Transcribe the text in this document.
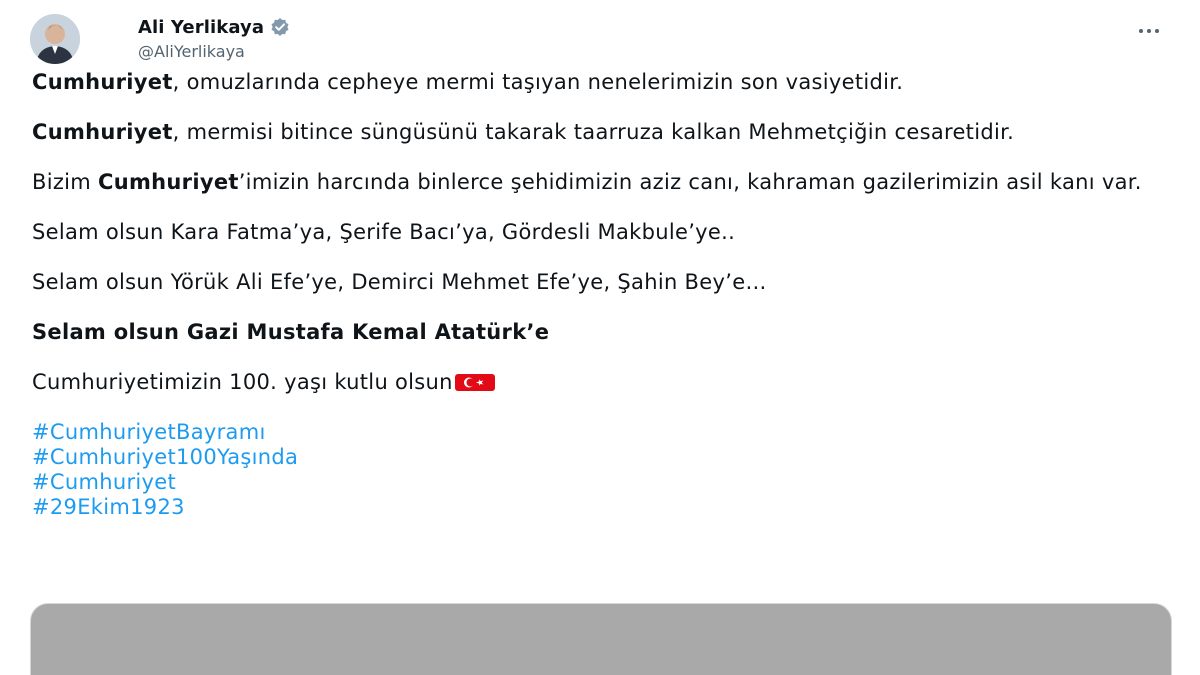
Ali Yerlikaya
@AliYerlikaya

Cumhuriyet, omuzlarında cepheye mermi taşıyan nenelerimizin son vasiyetidir.

Cumhuriyet, mermisi bitince süngüsünü takarak taarruza kalkan Mehmetçiğin cesaretidir.

Bizim Cumhuriyet’imizin harcında binlerce şehidimizin aziz canı, kahraman gazilerimizin asil kanı var.

Selam olsun Kara Fatma’ya, Şerife Bacı’ya, Gördesli Makbule’ye..

Selam olsun Yörük Ali Efe’ye, Demirci Mehmet Efe’ye, Şahin Bey’e…

Selam olsun Gazi Mustafa Kemal Atatürk’e

Cumhuriyetimizin 100. yaşı kutlu olsun

#CumhuriyetBayramı
#Cumhuriyet100Yaşında
#Cumhuriyet
#29Ekim1923
